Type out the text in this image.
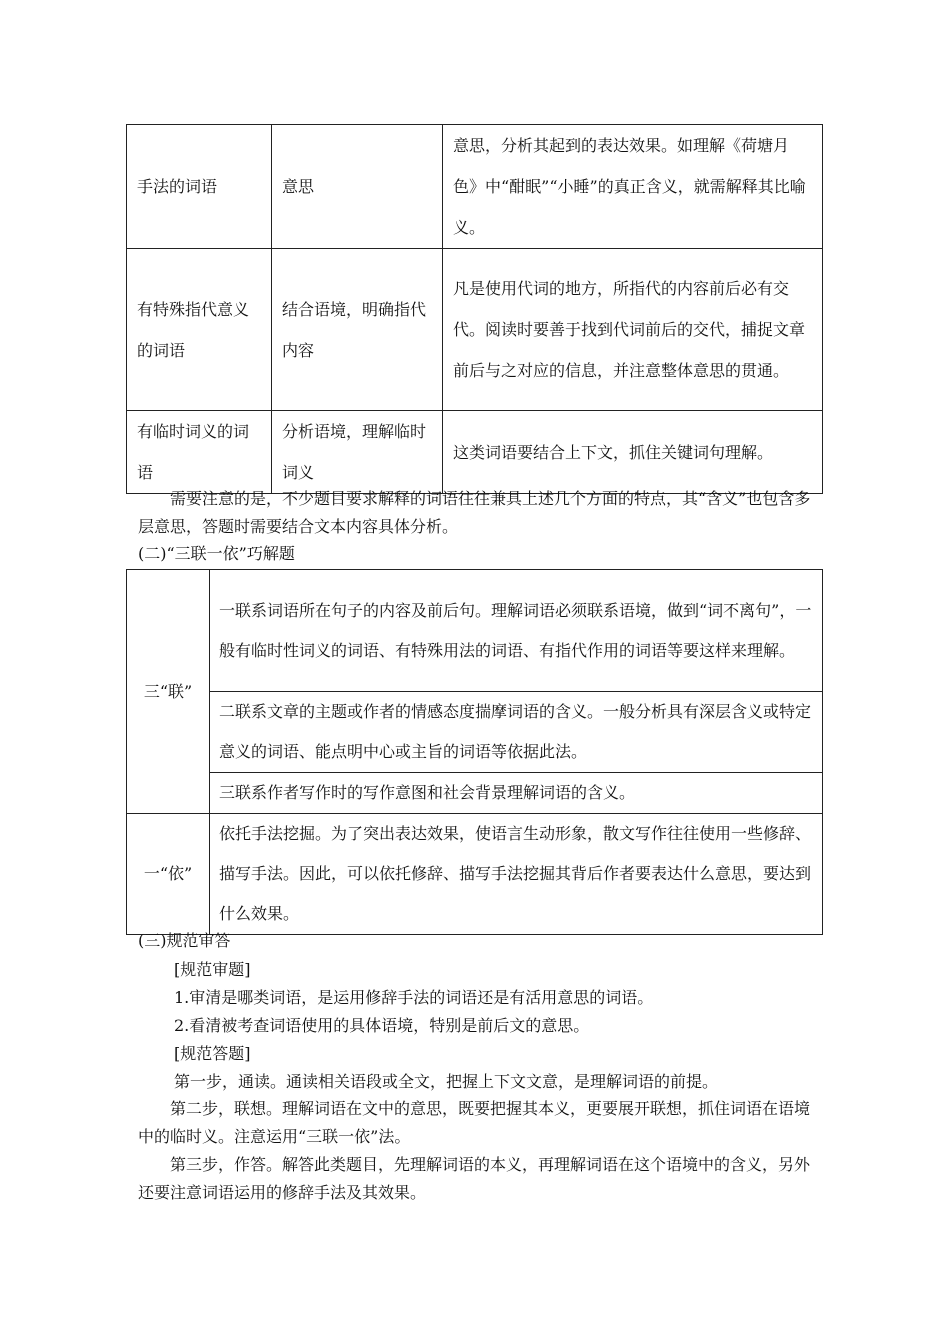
手法的词语	意思	意思，分析其起到的表达效果。如理解《荷塘月色》中“酣眠”“小睡”的真正含义，就需解释其比喻义。
有特殊指代意义的词语	结合语境，明确指代内容	凡是使用代词的地方，所指代的内容前后必有交代。阅读时要善于找到代词前后的交代，捕捉文章前后与之对应的信息，并注意整体意思的贯通。
有临时词义的词语	分析语境，理解临时词义	这类词语要结合上下文，抓住关键词句理解。
需要注意的是，不少题目要求解释的词语往往兼具上述几个方面的特点，其“含义”也包含多层意思，答题时需要结合文本内容具体分析。
(二)“三联一依”巧解题
三“联”	一联系词语所在句子的内容及前后句。理解词语必须联系语境，做到“词不离句”，一般有临时性词义的词语、有特殊用法的词语、有指代作用的词语等要这样来理解。
	二联系文章的主题或作者的情感态度揣摩词语的含义。一般分析具有深层含义或特定意义的词语、能点明中心或主旨的词语等依据此法。
	三联系作者写作时的写作意图和社会背景理解词语的含义。
一“依”	依托手法挖掘。为了突出表达效果，使语言生动形象，散文写作往往使用一些修辞、描写手法。因此，可以依托修辞、描写手法挖掘其背后作者要表达什么意思，要达到什么效果。
(三)规范审答
[规范审题]
1.审清是哪类词语，是运用修辞手法的词语还是有活用意思的词语。
2.看清被考查词语使用的具体语境，特别是前后文的意思。
[规范答题]
第一步，通读。通读相关语段或全文，把握上下文文意，是理解词语的前提。
第二步，联想。理解词语在文中的意思，既要把握其本义，更要展开联想，抓住词语在语境中的临时义。注意运用“三联一依”法。
第三步，作答。解答此类题目，先理解词语的本义，再理解词语在这个语境中的含义，另外还要注意词语运用的修辞手法及其效果。
